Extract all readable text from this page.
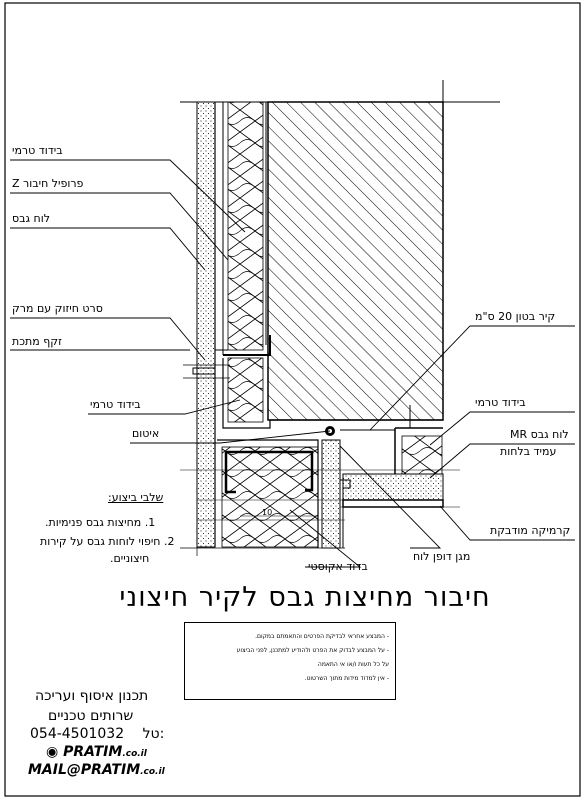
בידוד טרמי
פרופיל חיבור Z
לוח גבס
סרט חיזוק עם מרק
זקף מתכת
בידוד טרמי
איטום
קיר בטון 20 ס"מ
בידוד טרמי
לוח גבס MR
עמיד בלחות
קרמיקה מודבקת
מגן דופן לוח
בדוד אקוסטי
10
שלבי ביצוע:
1. מחיצות גבס פנימיות.
2. חיפוי לוחות גבס על קירות
חיצוניים.
חיבור מחיצות גבס לקיר חיצוני
- המבצע אחראי לבדיקת הפרטים והתאמתם במקום.
- על המבצע לבדוק את הפרט ולהודיע למתכנן, לפני הביצוע
על כל תעות ו/או אי התאמה
- אין למדוד מידות מתוך השרטוט.
תכנון איסוף ועריכה
שרותים טכניים
054-4501032 טל:
◉ PRATIM.co.il
MAIL@PRATIM.co.il
